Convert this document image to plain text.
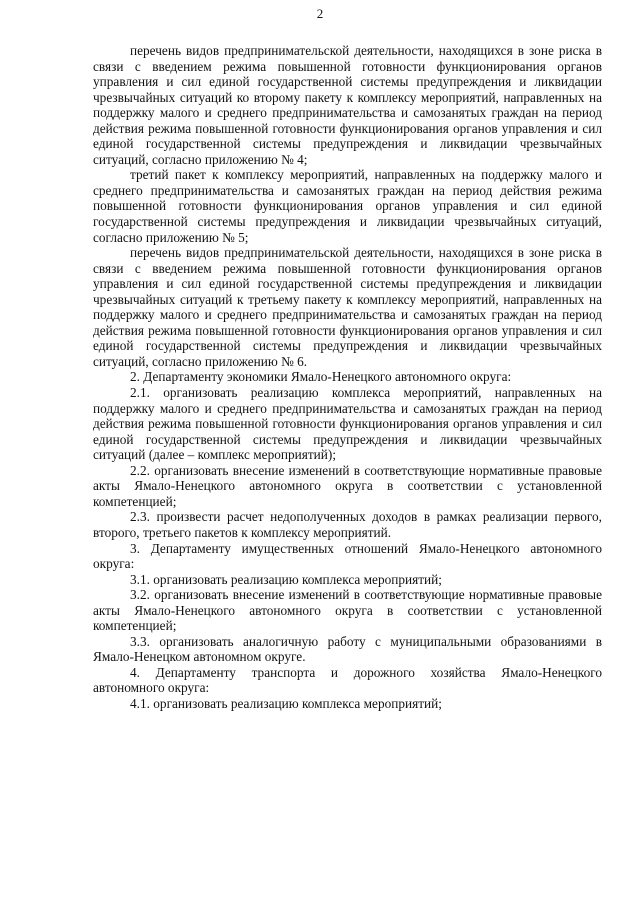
2

перечень видов предпринимательской деятельности, находящихся в зоне риска в связи с введением режима повышенной готовности функционирования органов управления и сил единой государственной системы предупреждения и ликвидации чрезвычайных ситуаций ко второму пакету к комплексу мероприятий, направленных на поддержку малого и среднего предпринимательства и самозанятых граждан на период действия режима повышенной готовности функционирования органов управления и сил единой государственной системы предупреждения и ликвидации чрезвычайных ситуаций, согласно приложению № 4;

третий пакет к комплексу мероприятий, направленных на поддержку малого и среднего предпринимательства и самозанятых граждан на период действия режима повышенной готовности функционирования органов управления и сил единой государственной системы предупреждения и ликвидации чрезвычайных ситуаций, согласно приложению № 5;

перечень видов предпринимательской деятельности, находящихся в зоне риска в связи с введением режима повышенной готовности функционирования органов управления и сил единой государственной системы предупреждения и ликвидации чрезвычайных ситуаций к третьему пакету к комплексу мероприятий, направленных на поддержку малого и среднего предпринимательства и самозанятых граждан на период действия режима повышенной готовности функционирования органов управления и сил единой государственной системы предупреждения и ликвидации чрезвычайных ситуаций, согласно приложению № 6.

2. Департаменту экономики Ямало-Ненецкого автономного округа:

2.1. организовать реализацию комплекса мероприятий, направленных на поддержку малого и среднего предпринимательства и самозанятых граждан на период действия режима повышенной готовности функционирования органов управления и сил единой государственной системы предупреждения и ликвидации чрезвычайных ситуаций (далее – комплекс мероприятий);

2.2. организовать внесение изменений в соответствующие нормативные правовые акты Ямало-Ненецкого автономного округа в соответствии с установленной компетенцией;

2.3. произвести расчет недополученных доходов в рамках реализации первого, второго, третьего пакетов к комплексу мероприятий.

3. Департаменту имущественных отношений Ямало-Ненецкого автономного округа:

3.1. организовать реализацию комплекса мероприятий;

3.2. организовать внесение изменений в соответствующие нормативные правовые акты Ямало-Ненецкого автономного округа в соответствии с установленной компетенцией;

3.3. организовать аналогичную работу с муниципальными образованиями в Ямало-Ненецком автономном округе.

4. Департаменту транспорта и дорожного хозяйства Ямало-Ненецкого автономного округа:

4.1. организовать реализацию комплекса мероприятий;
